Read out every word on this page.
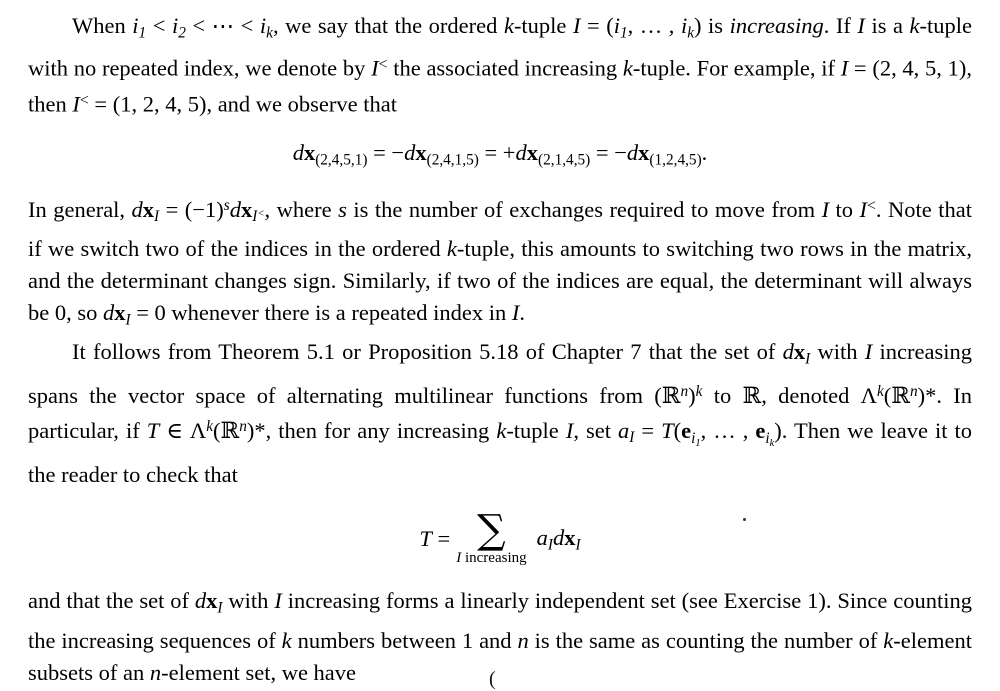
When $i_1 < i_2$ < ⋯ < $i_k$, we say that the ordered k-tuple $I = (i_1$, … , $i_k$) is increasing. If I is a k-tuple with no repeated index, we denote by I< the associated increasing k-tuple. For example, if I = (2, 4, 5, 1), then I< = (1, 2, 4, 5), and we observe that

$dx_{(2,4,5,1)} = -dx_{(2,4,1,5)} = +dx_{(2,1,4,5)} = -dx_{(1,2,4,5)}$.

In general, $dx_I = (-1)^sdx_{I^<}$, where s is the number of exchanges required to move from I to I<. Note that if we switch two of the indices in the ordered k-tuple, this amounts to switching two rows in the matrix, and the determinant changes sign. Similarly, if two of the indices are equal, the determinant will always be 0, so $dx_I = 0$ whenever there is a repeated index in I.

It follows from Theorem 5.1 or Proposition 5.18 of Chapter 7 that the set of $dx_I$ with I increasing spans the vector space of alternating multilinear functions from (ℝ$^n$)$^k$ to ℝ, denoted $\Lambda^k(ℝ^n)*$. In particular, if T ∈ $\Lambda^k(ℝ^n)*$, then for any increasing k-tuple I, set $a_I = T(e_{i_1}$, … , $e_{i_k}$). Then we leave it to the reader to check that

T = ∑
I increasing
$a_Idx_I$

and that the set of $dx_I$ with I increasing forms a linearly independent set (see Exercise 1). Since counting the increasing sequences of k numbers between 1 and n is the same as counting the number of k-element subsets of an n-element set, we have	(
